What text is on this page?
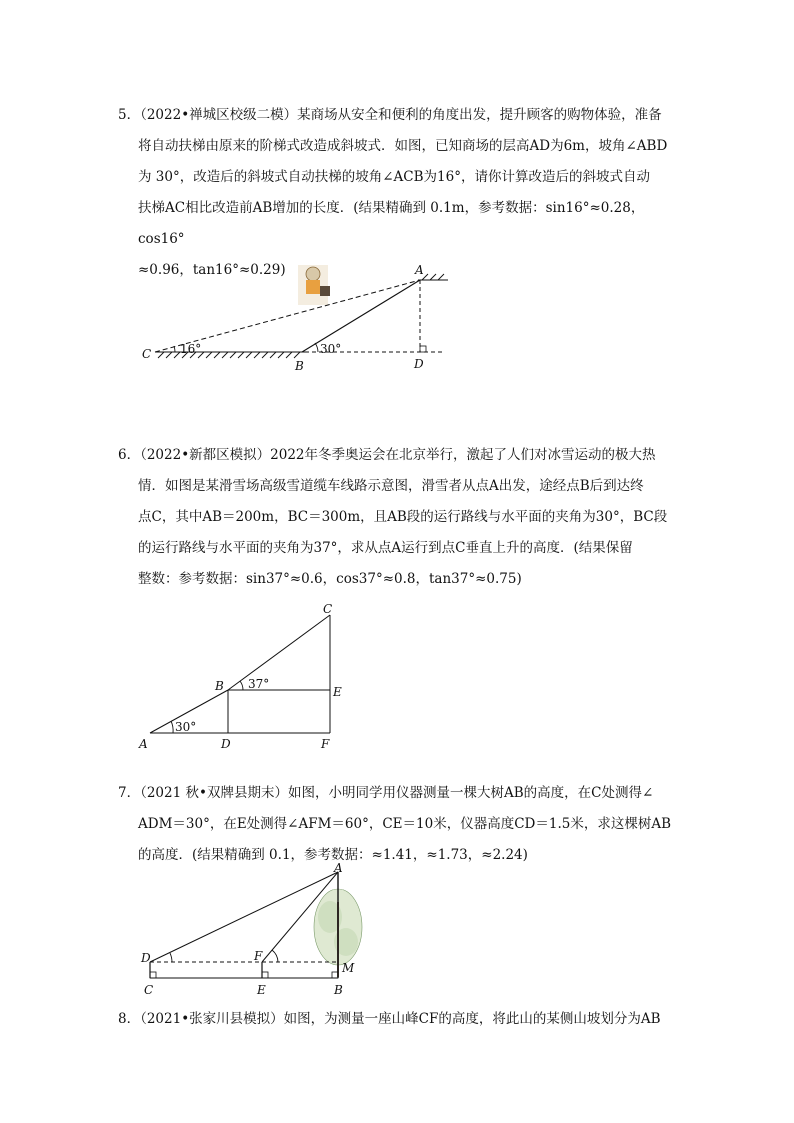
5．（2022•禅城区校级二模）某商场从安全和便利的角度出发，提升顾客的购物体验，准备
将自动扶梯由原来的阶梯式改造成斜坡式．如图，已知商场的层高AD为6m，坡角∠ABD
为 30°，改造后的斜坡式自动扶梯的坡角∠ACB为16°，请你计算改造后的斜坡式自动
扶梯AC相比改造前AB增加的长度．(结果精确到 0.1m，参考数据：sin16°≈0.28，cos16°
≈0.96，tan16°≈0.29)
C 16°
B
30°
D
A
6．（2022•新都区模拟）2022年冬季奥运会在北京举行，激起了人们对冰雪运动的极大热
情．如图是某滑雪场高级雪道缆车线路示意图，滑雪者从点A出发，途经点B后到达终
点C，其中AB＝200m，BC＝300m，且AB段的运行路线与水平面的夹角为30°，BC段
的运行路线与水平面的夹角为37°，求从点A运行到点C垂直上升的高度．(结果保留
整数：参考数据：sin37°≈0.6，cos37°≈0.8，tan37°≈0.75)
A
30°
D
B 37°
C
E
F
7．（2021 秋•双牌县期末）如图，小明同学用仪器测量一棵大树AB的高度，在C处测得∠
ADM＝30°，在E处测得∠AFM＝60°，CE＝10米，仪器高度CD＝1.5米，求这棵树AB
的高度．(结果精确到 0.1，参考数据：≈1.41，≈1.73，≈2.24)
D
C
F
E
A
M
B
8．（2021•张家川县模拟）如图，为测量一座山峰CF的高度，将此山的某侧山坡划分为AB
